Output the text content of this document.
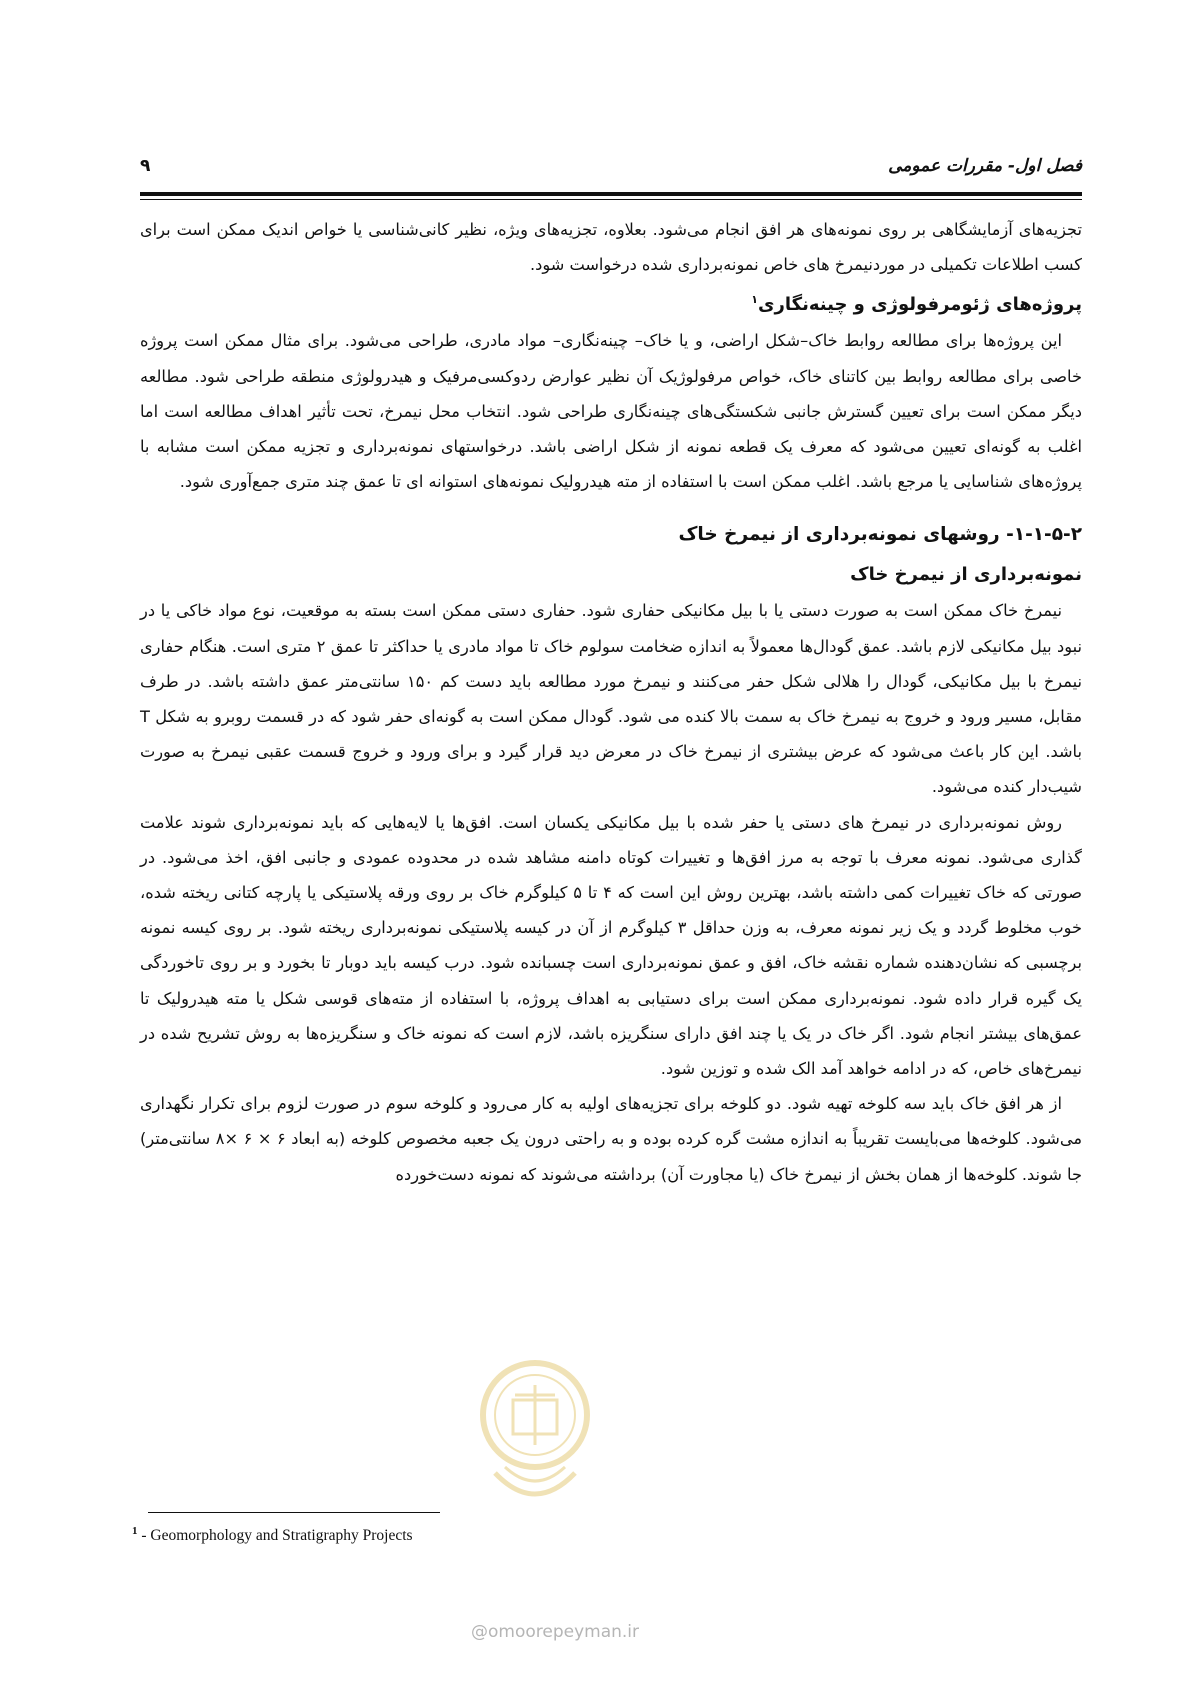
فصل اول- مقررات عمومی
۹

تجزیه‌های آزمایشگاهی بر روی نمونه‌های هر افق انجام می‌شود. بعلاوه، تجزیه‌های ویژه، نظیر کانی‌شناسی یا خواص اندیک ممکن است برای کسب اطلاعات تکمیلی در موردنیمرخ های خاص نمونه‌برداری شده درخواست شود.

پروژه‌های ژئومرفولوژی و چینه‌نگاری$^۱$

این پروژه‌ها برای مطالعه روابط خاک–شکل اراضی، و یا خاک– چینه‌نگاری– مواد مادری، طراحی می‌شود. برای مثال ممکن است پروژه خاصی برای مطالعه روابط بین کاتنای خاک، خواص مرفولوژیک آن نظیر عوارض ردوکسی‌مرفیک و هیدرولوژی منطقه طراحی شود. مطالعه دیگر ممکن است برای تعیین گسترش جانبی شکستگی‌های چینه‌نگاری طراحی شود. انتخاب محل نیمرخ، تحت تأثیر اهداف مطالعه است اما اغلب به گونه‌ای تعیین می‌شود که معرف یک قطعه نمونه از شکل اراضی باشد. درخواستهای نمونه‌برداری و تجزیه ممکن است مشابه با پروژه‌های شناسایی یا مرجع باشد. اغلب ممکن است با استفاده از مته هیدرولیک نمونه‌های استوانه ای تا عمق چند متری جمع‌آوری شود.

۱-۱-۵-۲- روشهای نمونه‌برداری از نیمرخ خاک
نمونه‌برداری از نیمرخ خاک

نیمرخ خاک ممکن است به صورت دستی یا با بیل مکانیکی حفاری شود. حفاری دستی ممکن است بسته به موقعیت، نوع مواد خاکی یا در نبود بیل مکانیکی لازم باشد. عمق گودال‌ها معمولاً به اندازه ضخامت سولوم خاک تا مواد مادری یا حداکثر تا عمق ۲ متری است. هنگام حفاری نیمرخ با بیل مکانیکی، گودال را هلالی شکل حفر می‌کنند و نیمرخ مورد مطالعه باید دست کم ۱۵۰ سانتی‌متر عمق داشته باشد. در طرف مقابل، مسیر ورود و خروج به نیمرخ خاک به سمت بالا کنده می شود. گودال ممکن است به گونه‌ای حفر شود که در قسمت روبرو به شکل T باشد. این کار باعث می‌شود که عرض بیشتری از نیمرخ خاک در معرض دید قرار گیرد و برای ورود و خروج قسمت عقبی نیمرخ به صورت شیب‌دار کنده می‌شود.

روش نمونه‌برداری در نیمرخ های دستی یا حفر شده با بیل مکانیکی یکسان است. افق‌ها یا لایه‌هایی که باید نمونه‌برداری شوند علامت گذاری می‌شود. نمونه معرف با توجه به مرز افق‌ها و تغییرات کوتاه دامنه مشاهد شده در محدوده عمودی و جانبی افق، اخذ می‌شود. در صورتی که خاک تغییرات کمی داشته باشد، بهترین روش این است که ۴ تا ۵ کیلوگرم خاک بر روی ورقه پلاستیکی یا پارچه کتانی ریخته شده، خوب مخلوط گردد و یک زیر نمونه معرف، به وزن حداقل ۳ کیلوگرم از آن در کیسه پلاستیکی نمونه‌برداری ریخته شود. بر روی کیسه نمونه برچسبی که نشان‌دهنده شماره نقشه خاک، افق و عمق نمونه‌برداری است چسبانده شود. درب کیسه باید دوبار تا بخورد و بر روی تاخوردگی یک گیره قرار داده شود. نمونه‌برداری ممکن است برای دستیابی به اهداف پروژه، با استفاده از مته‌های قوسی شکل یا مته هیدرولیک تا عمق‌های بیشتر انجام شود. اگر خاک در یک یا چند افق دارای سنگریزه باشد، لازم است که نمونه خاک و سنگریزه‌ها به روش تشریح شده در نیمرخ‌های خاص، که در ادامه خواهد آمد الک شده و توزین شود.

از هر افق خاک باید سه کلوخه تهیه شود. دو کلوخه برای تجزیه‌های اولیه به کار می‌رود و کلوخه سوم در صورت لزوم برای تکرار نگهداری می‌شود. کلوخه‌ها می‌بایست تقریباً به اندازه مشت گره کرده بوده و به راحتی درون یک جعبه مخصوص کلوخه (به ابعاد ۶ × ۶ ×۸ سانتی‌متر) جا شوند. کلوخه‌ها از همان بخش از نیمرخ خاک (یا مجاورت آن) برداشته می‌شوند که نمونه دست‌خورده

$^1$ - Geomorphology and Stratigraphy Projects
@omoorepeyman.ir
